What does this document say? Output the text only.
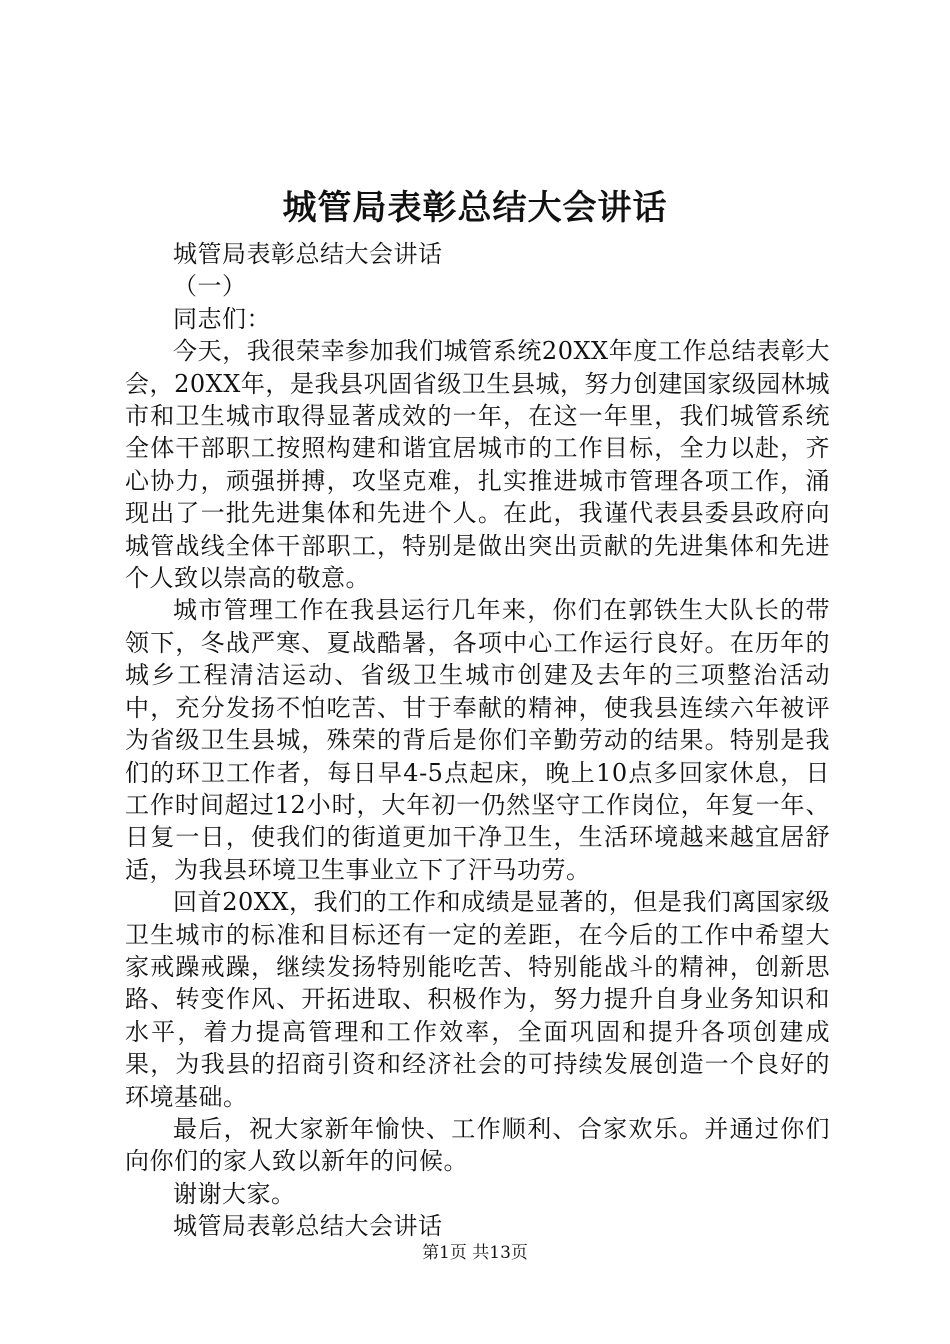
城管局表彰总结大会讲话

城管局表彰总结大会讲话

（一）

同志们：

今天，我很荣幸参加我们城管系统20XX年度工作总结表彰大会，20XX年，是我县巩固省级卫生县城，努力创建国家级园林城市和卫生城市取得显著成效的一年，在这一年里，我们城管系统全体干部职工按照构建和谐宜居城市的工作目标，全力以赴，齐心协力，顽强拼搏，攻坚克难，扎实推进城市管理各项工作，涌现出了一批先进集体和先进个人。在此，我谨代表县委县政府向城管战线全体干部职工，特别是做出突出贡献的先进集体和先进个人致以崇高的敬意。

城市管理工作在我县运行几年来，你们在郭铁生大队长的带领下，冬战严寒、夏战酷暑，各项中心工作运行良好。在历年的城乡工程清洁运动、省级卫生城市创建及去年的三项整治活动中，充分发扬不怕吃苦、甘于奉献的精神，使我县连续六年被评为省级卫生县城，殊荣的背后是你们辛勤劳动的结果。特别是我们的环卫工作者，每日早4-5点起床，晚上10点多回家休息，日工作时间超过12小时，大年初一仍然坚守工作岗位，年复一年、日复一日，使我们的街道更加干净卫生，生活环境越来越宜居舒适，为我县环境卫生事业立下了汗马功劳。

回首20XX，我们的工作和成绩是显著的，但是我们离国家级卫生城市的标准和目标还有一定的差距，在今后的工作中希望大家戒躁戒躁，继续发扬特别能吃苦、特别能战斗的精神，创新思路、转变作风、开拓进取、积极作为，努力提升自身业务知识和水平，着力提高管理和工作效率，全面巩固和提升各项创建成果，为我县的招商引资和经济社会的可持续发展创造一个良好的环境基础。

最后，祝大家新年愉快、工作顺利、合家欢乐。并通过你们向你们的家人致以新年的问候。

谢谢大家。

城管局表彰总结大会讲话

第1页 共13页
